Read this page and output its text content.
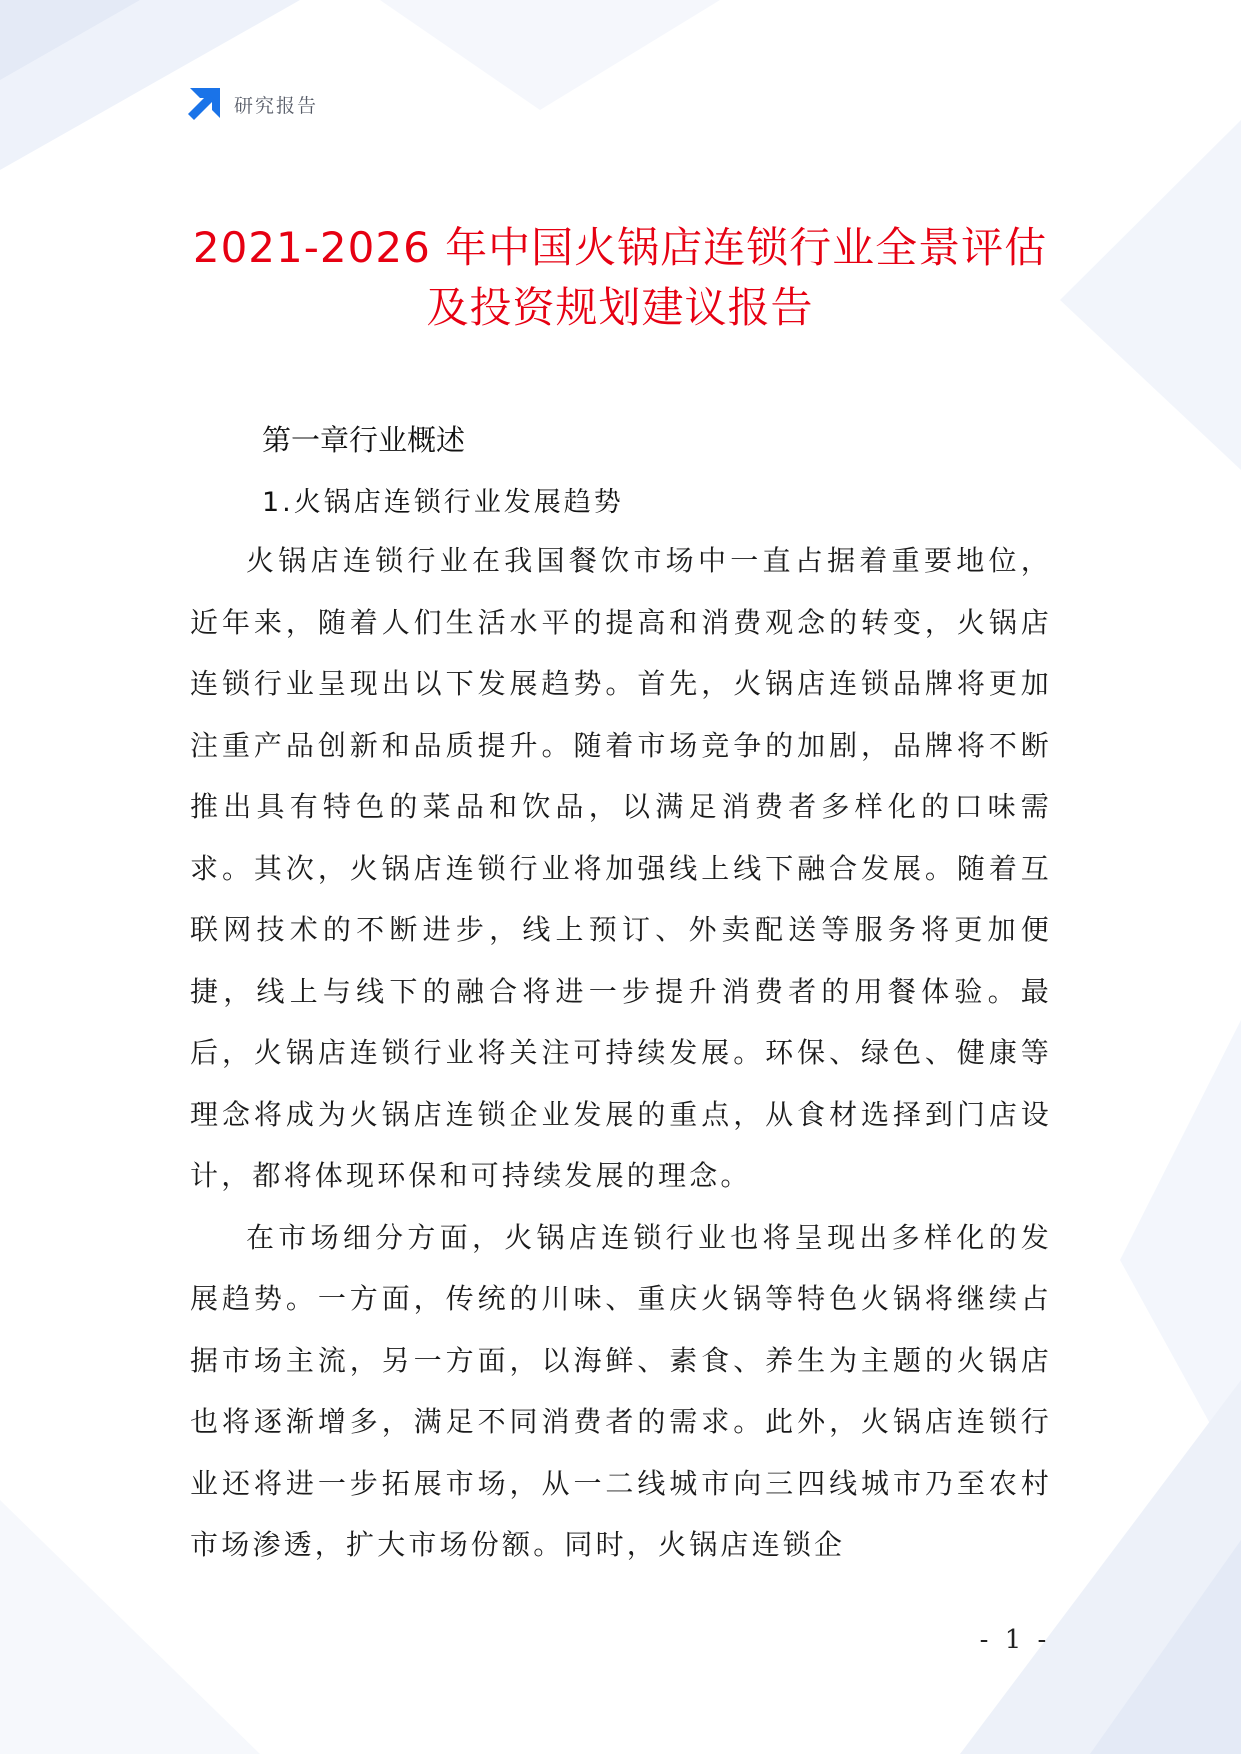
研究报告
2021-2026 年中国火锅店连锁行业全景评估
及投资规划建议报告
第一章行业概述
1.火锅店连锁行业发展趋势

火锅店连锁行业在我国餐饮市场中一直占据着重要地位，近年来，随着人们生活水平的提高和消费观念的转变，火锅店连锁行业呈现出以下发展趋势。首先，火锅店连锁品牌将更加注重产品创新和品质提升。随着市场竞争的加剧，品牌将不断推出具有特色的菜品和饮品，以满足消费者多样化的口味需求。其次，火锅店连锁行业将加强线上线下融合发展。随着互联网技术的不断进步，线上预订、外卖配送等服务将更加便捷，线上与线下的融合将进一步提升消费者的用餐体验。最后，火锅店连锁行业将关注可持续发展。环保、绿色、健康等理念将成为火锅店连锁企业发展的重点，从食材选择到门店设计，都将体现环保和可持续发展的理念。

在市场细分方面，火锅店连锁行业也将呈现出多样化的发展趋势。一方面，传统的川味、重庆火锅等特色火锅将继续占据市场主流，另一方面，以海鲜、素食、养生为主题的火锅店也将逐渐增多，满足不同消费者的需求。此外，火锅店连锁行业还将进一步拓展市场，从一二线城市向三四线城市乃至农村市场渗透，扩大市场份额。同时，火锅店连锁企

- 1 -
